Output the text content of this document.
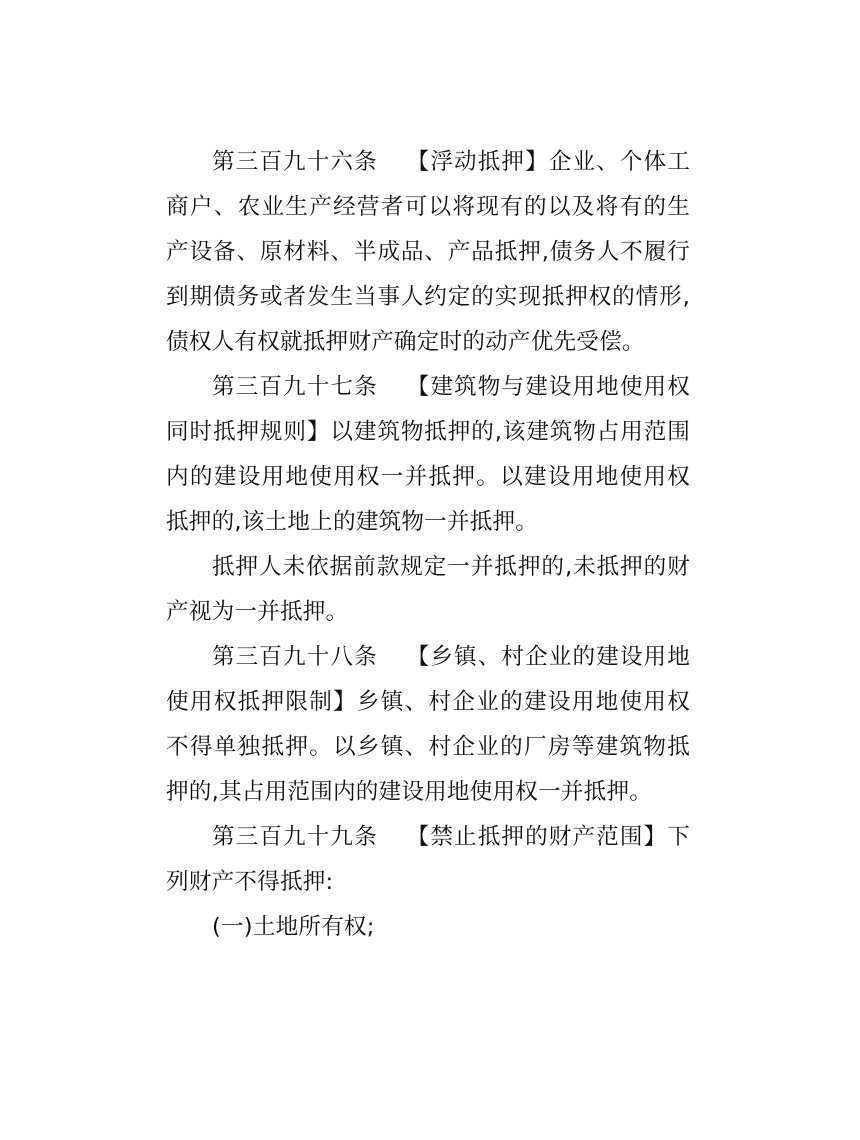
第三百九十六条 【浮动抵押】企业、个体工商户、农业生产经营者可以将现有的以及将有的生产设备、原材料、半成品、产品抵押,债务人不履行到期债务或者发生当事人约定的实现抵押权的情形,债权人有权就抵押财产确定时的动产优先受偿。

第三百九十七条 【建筑物与建设用地使用权同时抵押规则】以建筑物抵押的,该建筑物占用范围内的建设用地使用权一并抵押。以建设用地使用权抵押的,该土地上的建筑物一并抵押。

抵押人未依据前款规定一并抵押的,未抵押的财产视为一并抵押。

第三百九十八条 【乡镇、村企业的建设用地使用权抵押限制】乡镇、村企业的建设用地使用权不得单独抵押。以乡镇、村企业的厂房等建筑物抵押的,其占用范围内的建设用地使用权一并抵押。

第三百九十九条 【禁止抵押的财产范围】下列财产不得抵押:

(一)土地所有权;
